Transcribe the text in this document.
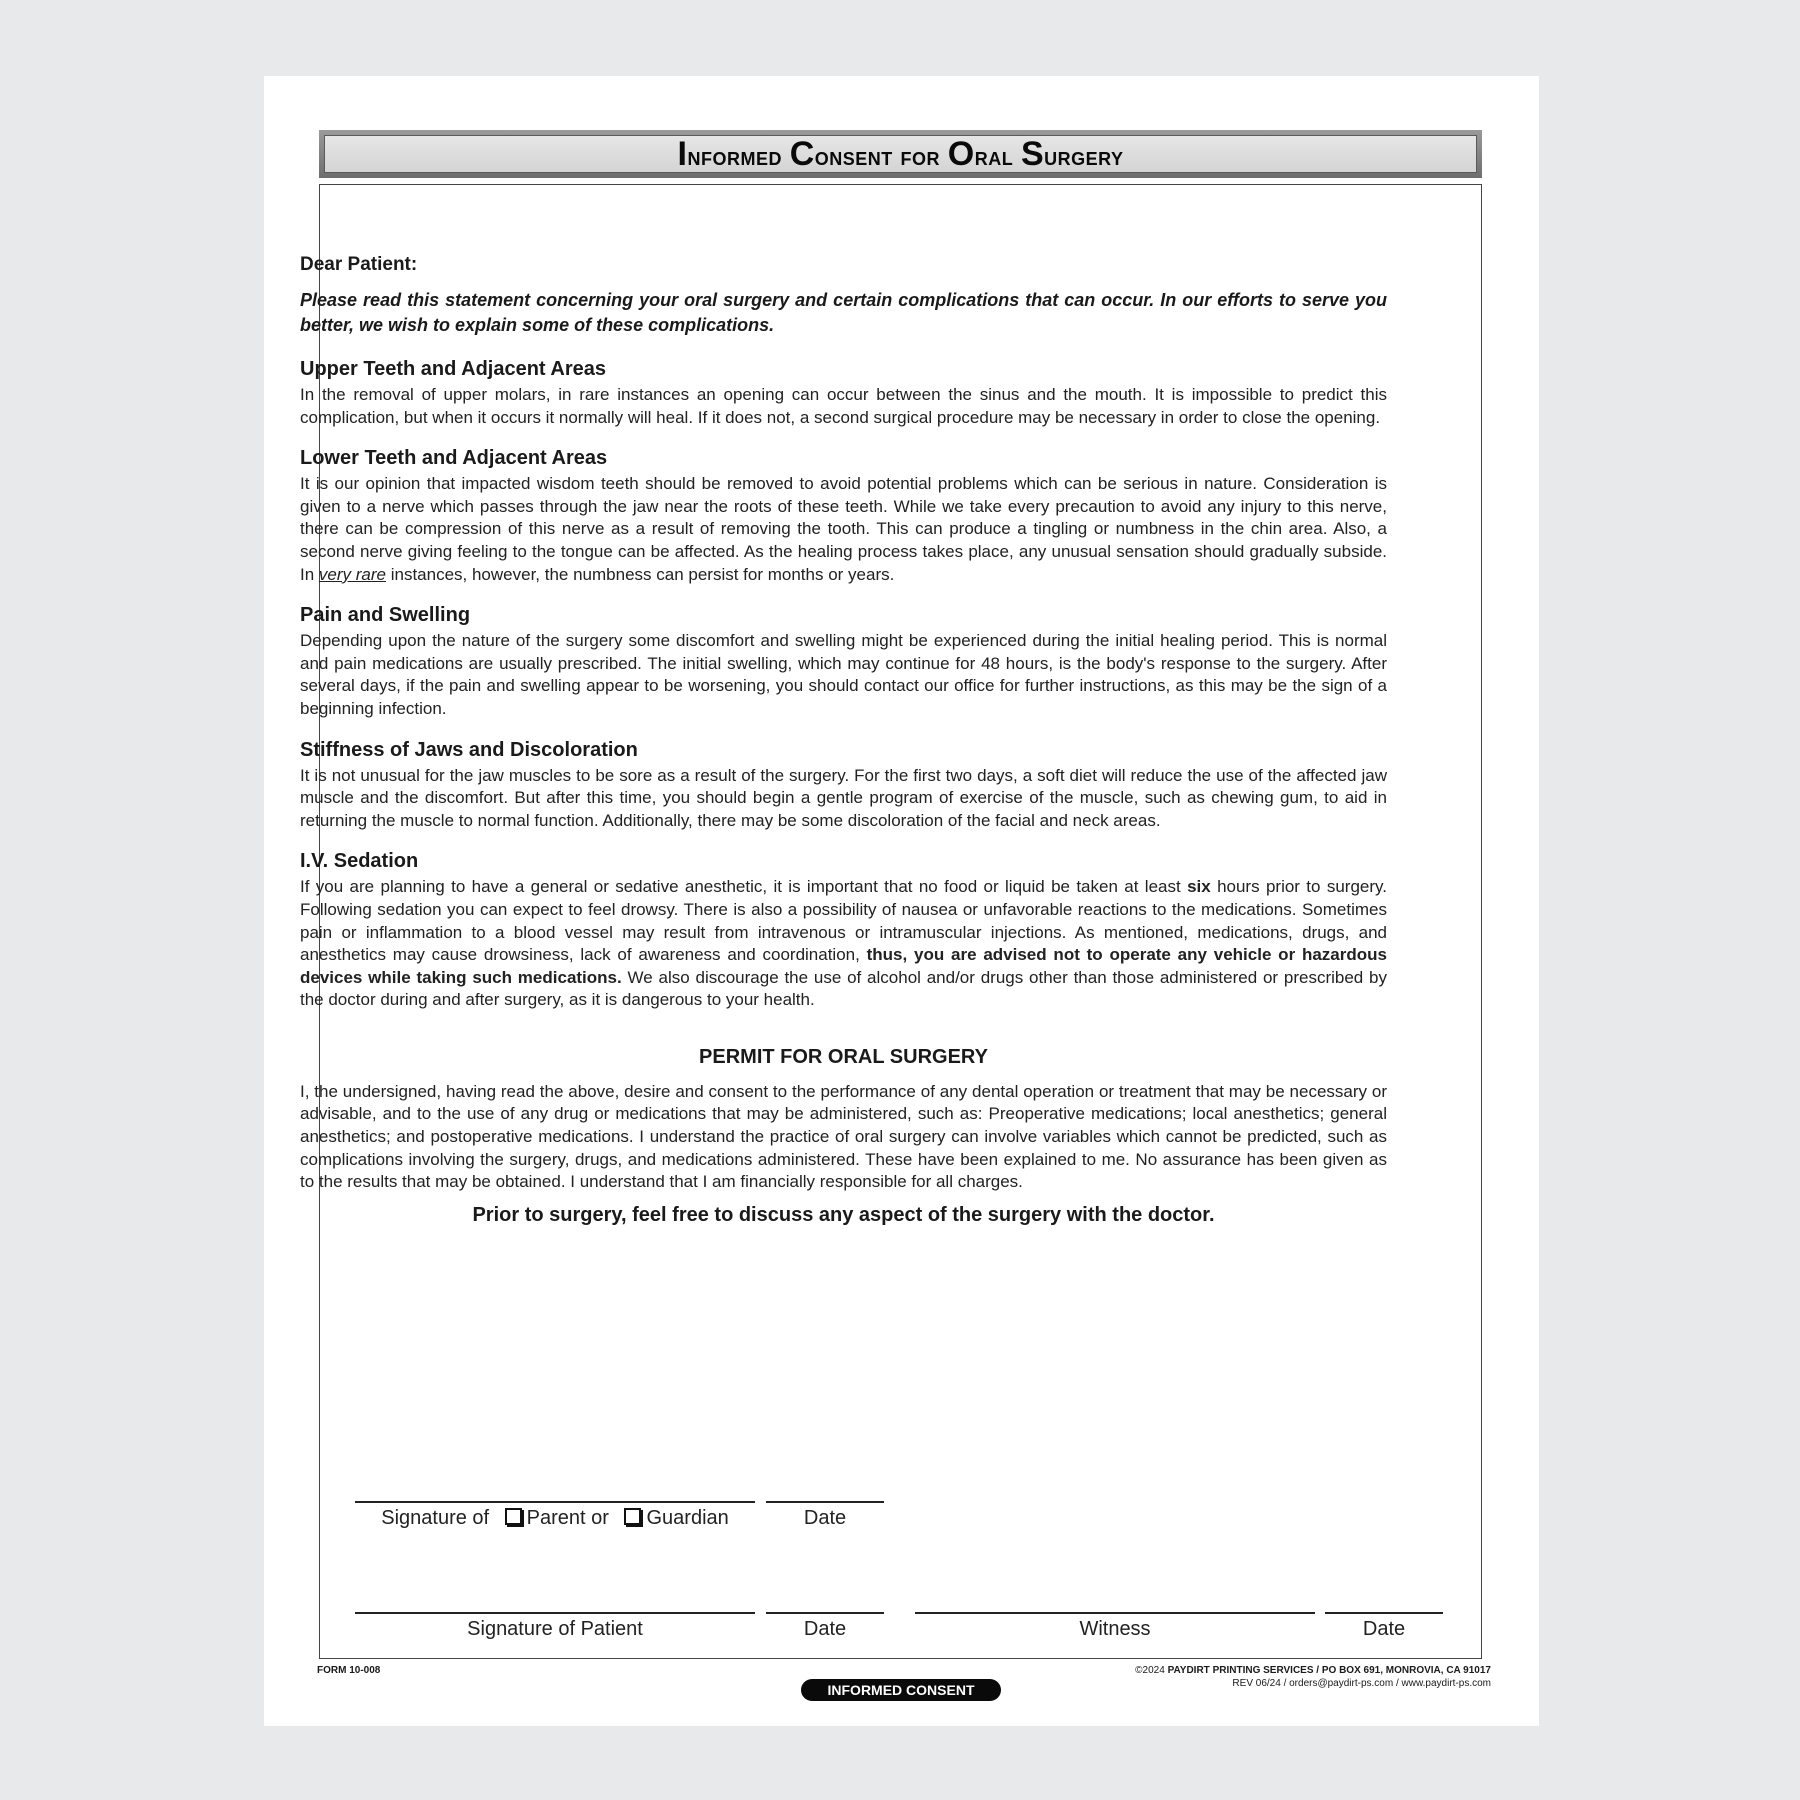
Informed Consent for Oral Surgery

Dear Patient:

Please read this statement concerning your oral surgery and certain complications that can occur. In our efforts to serve you better, we wish to explain some of these complications.

Upper Teeth and Adjacent Areas

In the removal of upper molars, in rare instances an opening can occur between the sinus and the mouth. It is impossible to predict this complication, but when it occurs it normally will heal. If it does not, a second surgical procedure may be necessary in order to close the opening.

Lower Teeth and Adjacent Areas

It is our opinion that impacted wisdom teeth should be removed to avoid potential problems which can be serious in nature. Consideration is given to a nerve which passes through the jaw near the roots of these teeth. While we take every precaution to avoid any injury to this nerve, there can be compression of this nerve as a result of removing the tooth. This can produce a tingling or numbness in the chin area. Also, a second nerve giving feeling to the tongue can be affected. As the healing process takes place, any unusual sensation should gradually subside. In very rare instances, however, the numbness can persist for months or years.

Pain and Swelling

Depending upon the nature of the surgery some discomfort and swelling might be experienced during the initial healing period. This is normal and pain medications are usually prescribed. The initial swelling, which may continue for 48 hours, is the body's response to the surgery. After several days, if the pain and swelling appear to be worsening, you should contact our office for further instructions, as this may be the sign of a beginning infection.

Stiffness of Jaws and Discoloration

It is not unusual for the jaw muscles to be sore as a result of the surgery. For the first two days, a soft diet will reduce the use of the affected jaw muscle and the discomfort. But after this time, you should begin a gentle program of exercise of the muscle, such as chewing gum, to aid in returning the muscle to normal function. Additionally, there may be some discoloration of the facial and neck areas.

I.V. Sedation

If you are planning to have a general or sedative anesthetic, it is important that no food or liquid be taken at least six hours prior to surgery. Following sedation you can expect to feel drowsy. There is also a possibility of nausea or unfavorable reactions to the medications. Sometimes pain or inflammation to a blood vessel may result from intravenous or intramuscular injections. As mentioned, medications, drugs, and anesthetics may cause drowsiness, lack of awareness and coordination, thus, you are advised not to operate any vehicle or hazardous devices while taking such medications. We also discourage the use of alcohol and/or drugs other than those administered or prescribed by the doctor during and after surgery, as it is dangerous to your health.

PERMIT FOR ORAL SURGERY

I, the undersigned, having read the above, desire and consent to the performance of any dental operation or treatment that may be necessary or advisable, and to the use of any drug or medications that may be administered, such as: Preoperative medications; local anesthetics; general anesthetics; and postoperative medications. I understand the practice of oral surgery can involve variables which cannot be predicted, such as complications involving the surgery, drugs, and medications administered. These have been explained to me. No assurance has been given as to the results that may be obtained. I understand that I am financially responsible for all charges.

Prior to surgery, feel free to discuss any aspect of the surgery with the doctor.

Signature of Parent or Guardian	Date
Signature of Patient	Date	Witness	Date
FORM 10-008
INFORMED CONSENT
©2024 PAYDIRT PRINTING SERVICES / PO BOX 691, MONROVIA, CA 91017
REV 06/24 / orders@paydirt-ps.com / www.paydirt-ps.com
